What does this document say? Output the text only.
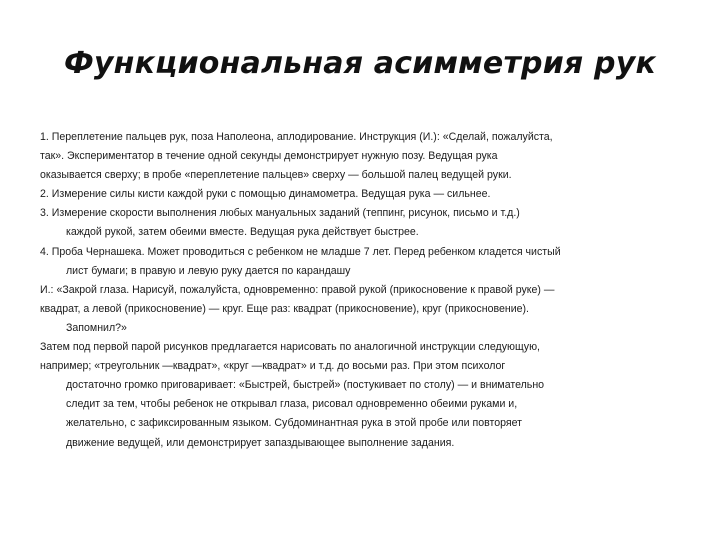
Функциональная асимметрия рук
1. Переплетение пальцев рук, поза Наполеона, аплодирование. Инструкция (И.): «Сделай, пожалуйста,
так». Экспериментатор в течение одной секунды демонстрирует нужную позу. Ведущая рука
оказывается сверху; в пробе «переплетение пальцев» сверху — большой палец ведущей руки.
2. Измерение силы кисти каждой руки с помощью динамометра. Ведущая рука — сильнее.
3. Измерение скорости выполнения любых мануальных заданий (теппинг, рисунок, письмо и т.д.)
каждой рукой, затем обеими вместе. Ведущая рука действует быстрее.
4. Проба Чернашека. Может проводиться с ребенком не младше 7 лет. Перед ребенком кладется чистый
лист бумаги; в правую и левую руку дается по карандашу
И.: «Закрой глаза. Нарисуй, пожалуйста, одновременно: правой рукой (прикосновение к правой руке) —
квадрат, а левой (прикосновение) — круг. Еще раз: квадрат (прикосновение), круг (прикосновение).
Запомнил?»
Затем под первой парой рисунков предлагается нарисовать по аналогичной инструкции следующую,
например; «треугольник —квадрат», «круг —квадрат» и т.д. до восьми раз. При этом психолог
достаточно громко приговаривает: «Быстрей, быстрей» (постукивает по столу) — и внимательно
следит за тем, чтобы ребенок не открывал глаза, рисовал одновременно обеими руками и,
желательно, с зафиксированным языком. Субдоминантная рука в этой пробе или повторяет
движение ведущей, или демонстрирует запаздывающее выполнение задания.
